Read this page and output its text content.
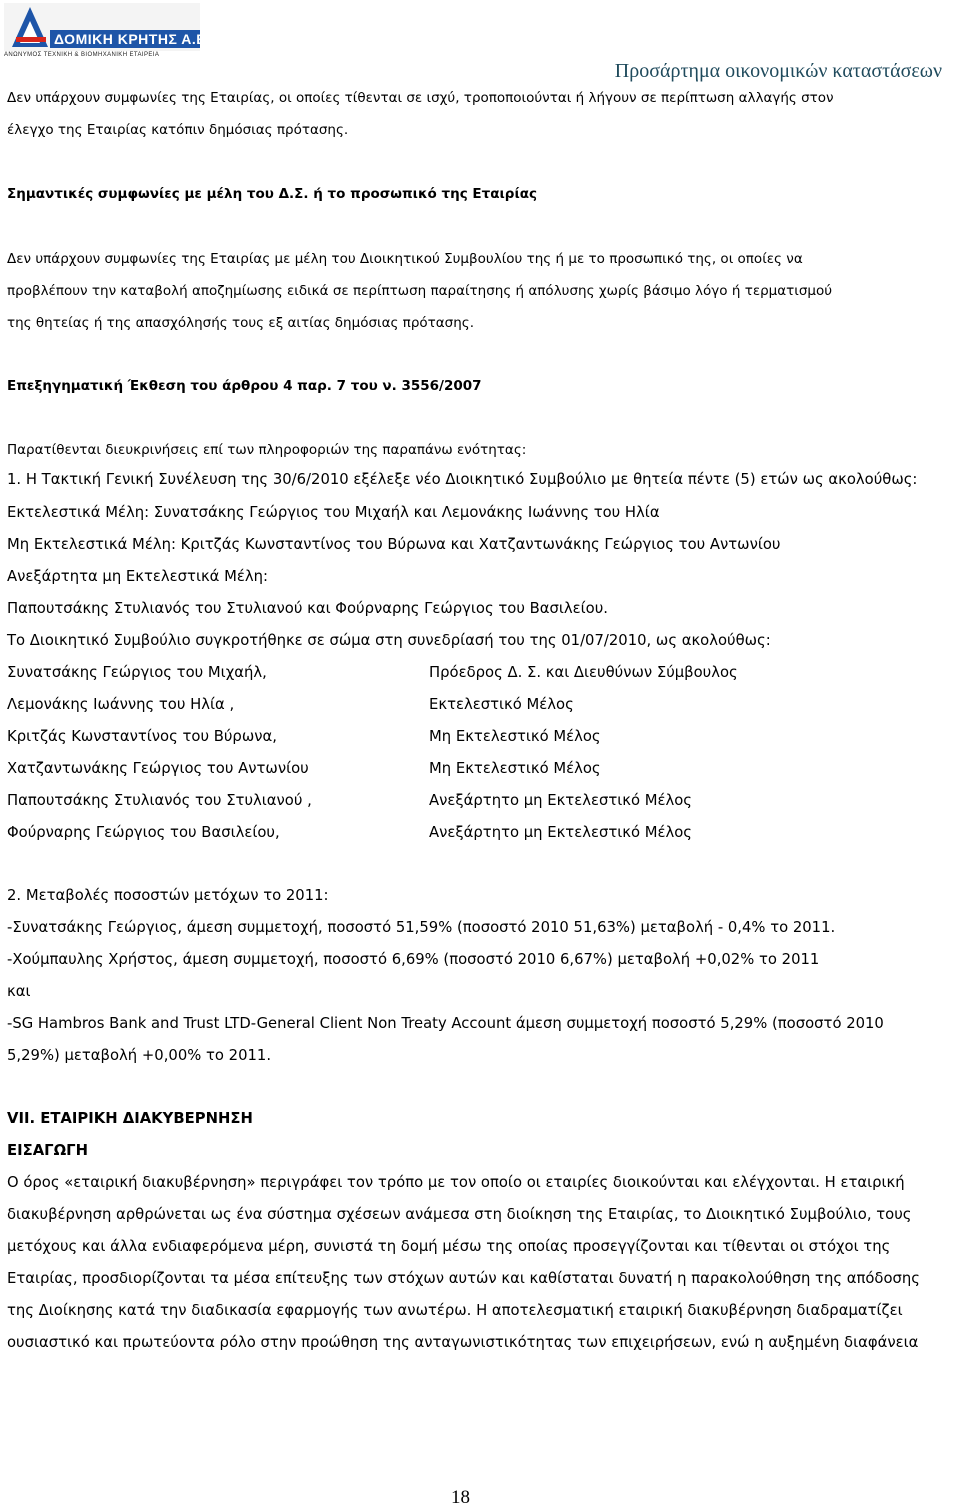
ΔΟΜΙΚΗ ΚΡΗΤΗΣ Α.Ε.
ΑΝΩΝΥΜΟΣ ΤΕΧΝΙΚΗ & ΒΙΟΜΗΧΑΝΙΚΗ ΕΤΑΙΡΕΙΑ
Προσάρτημα οικονομικών καταστάσεων
Δεν υπάρχουν συμφωνίες της Εταιρίας, οι οποίες τίθενται σε ισχύ, τροποποιούνται ή λήγουν σε περίπτωση αλλαγής στον
έλεγχο της Εταιρίας κατόπιν δημόσιας πρότασης.
Σημαντικές συμφωνίες με μέλη του Δ.Σ. ή το προσωπικό της Εταιρίας
Δεν υπάρχουν συμφωνίες της Εταιρίας με μέλη του Διοικητικού Συμβουλίου της ή με το προσωπικό της, οι οποίες να
προβλέπουν την καταβολή αποζημίωσης ειδικά σε περίπτωση παραίτησης ή απόλυσης χωρίς βάσιμο λόγο ή τερματισμού
της θητείας ή της απασχόλησής τους εξ αιτίας δημόσιας πρότασης.
Επεξηγηματική Έκθεση του άρθρου 4 παρ. 7 του ν. 3556/2007
Παρατίθενται διευκρινήσεις επί των πληροφοριών της παραπάνω ενότητας:
1. Η Τακτική Γενική Συνέλευση της 30/6/2010 εξέλεξε νέο Διοικητικό Συμβούλιο με θητεία πέντε (5) ετών ως ακολούθως:
Εκτελεστικά Μέλη: Συνατσάκης Γεώργιος του Μιχαήλ και Λεμονάκης Ιωάννης του Ηλία
Μη Εκτελεστικά Μέλη: Κριτζάς Κωνσταντίνος του Βύρωνα και Χατζαντωνάκης Γεώργιος του Αντωνίου
Ανεξάρτητα μη Εκτελεστικά Μέλη:
Παπουτσάκης Στυλιανός του Στυλιανού και Φούρναρης Γεώργιος του Βασιλείου.
Το Διοικητικό Συμβούλιο συγκροτήθηκε σε σώμα στη συνεδρίασή του της 01/07/2010, ως ακολούθως:
Συνατσάκης Γεώργιος του Μιχαήλ,	Πρόεδρος Δ. Σ. και Διευθύνων Σύμβουλος
Λεμονάκης Ιωάννης του Ηλία ,	Εκτελεστικό Μέλος
Κριτζάς Κωνσταντίνος του Βύρωνα,	Μη Εκτελεστικό Μέλος
Χατζαντωνάκης Γεώργιος του Αντωνίου	Μη Εκτελεστικό Μέλος
Παπουτσάκης Στυλιανός του Στυλιανού ,	Ανεξάρτητο μη Εκτελεστικό Μέλος
Φούρναρης Γεώργιος του Βασιλείου,	Ανεξάρτητο μη Εκτελεστικό Μέλος
2. Μεταβολές ποσοστών μετόχων το 2011:
-Συνατσάκης Γεώργιος, άμεση συμμετοχή, ποσοστό 51,59% (ποσοστό 2010 51,63%) μεταβολή - 0,4% το 2011.
-Χούμπαυλης Χρήστος, άμεση συμμετοχή, ποσοστό 6,69% (ποσοστό 2010 6,67%) μεταβολή +0,02% το 2011
και
-SG Hambros Bank and Trust LTD-General Client Non Treaty Account άμεση συμμετοχή ποσοστό 5,29% (ποσοστό 2010
5,29%) μεταβολή +0,00% το 2011.
VII. ΕΤΑΙΡΙΚΗ ΔΙΑΚΥΒΕΡΝΗΣΗ
ΕΙΣΑΓΩΓΗ
Ο όρος «εταιρική διακυβέρνηση» περιγράφει τον τρόπο με τον οποίο οι εταιρίες διοικούνται και ελέγχονται. Η εταιρική
διακυβέρνηση αρθρώνεται ως ένα σύστημα σχέσεων ανάμεσα στη διοίκηση της Εταιρίας, το Διοικητικό Συμβούλιο, τους
μετόχους και άλλα ενδιαφερόμενα μέρη, συνιστά τη δομή μέσω της οποίας προσεγγίζονται και τίθενται οι στόχοι της
Εταιρίας, προσδιορίζονται τα μέσα επίτευξης των στόχων αυτών και καθίσταται δυνατή η παρακολούθηση της απόδοσης
της Διοίκησης κατά την διαδικασία εφαρμογής των ανωτέρω. Η αποτελεσματική εταιρική διακυβέρνηση διαδραματίζει
ουσιαστικό και πρωτεύοντα ρόλο στην προώθηση της ανταγωνιστικότητας των επιχειρήσεων, ενώ η αυξημένη διαφάνεια
18
